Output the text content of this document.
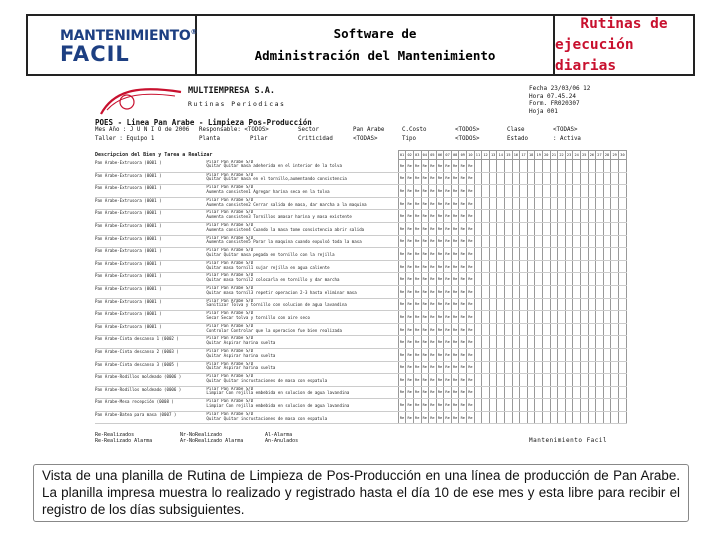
MANTENIMIENTO®
FACIL
Software de
Administración del Mantenimiento
Rutinas de
ejecución diarias
MULTIEMPRESA S.A.
Rutinas Periodicas
Fecha 23/03/06 12
Hora 07.45.24
Form. FR020307
Hoja 001
POES - Linea Pan Arabe - Limpieza Pos-Producción
Mes Año : J U N I O de 2006 Responsable: <TODOS>	Sector	Pan Arabe	C.Costo	<TODOS>	Clase	<TODAS>
Taller : Equipo 1	Planta	Pilar	Criticidad	<TODAS>	Tipo	<TODOS>	Estado	: Activa
Descripcion del Bien y Tarea a Realizar		01	02	03	04	05	06	07	08	09	10	11	12	13	14	15	16	17	18	19	20	21	22	23	24	25	26	27	28	29	30
Pan Arabe-Extrusora (0001 )	Pilar Pan Arabe S/D
Quitar Quitar masa adeherida en el interior de la tolva	Re	Re	Re	Re	Re	Re	Re	Re	Re	Re																				
Pan Arabe-Extrusora (0001 )	Pilar Pan Arabe S/D
Quitar Quitar masa en el tornillo,aumentando consistencia	Re	Re	Re	Re	Re	Re	Re	Re	Re	Re																				
Pan Arabe-Extrusora (0001 )	Pilar Pan Arabe S/D
Aumenta consisten1 Agregar harina seca en la tolva	Re	Re	Re	Re	Re	Re	Re	Re	Re	Re																				
Pan Arabe-Extrusora (0001 )	Pilar Pan Arabe S/D
Aumenta consisten2 Cerrar salida de masa, dar marcha a la maquina	Re	Re	Re	Re	Re	Re	Re	Re	Re	Re																				
Pan Arabe-Extrusora (0001 )	Pilar Pan Arabe S/D
Aumenta consisten3 Tornillos amasar harina y masa existente	Re	Re	Re	Re	Re	Re	Re	Re	Re	Re																				
Pan Arabe-Extrusora (0001 )	Pilar Pan Arabe S/D
Aumenta consisten4 Cuando la masa tome consistencia abrir salida	Re	Re	Re	Re	Re	Re	Re	Re	Re	Re																				
Pan Arabe-Extrusora (0001 )	Pilar Pan Arabe S/D
Aumenta consisten5 Parar la maquina cuando expulsó toda la masa	Re	Re	Re	Re	Re	Re	Re	Re	Re	Re																				
Pan Arabe-Extrusora (0001 )	Pilar Pan Arabe S/D
Quitar Quitar masa pegada en tornillo con la rejilla	Re	Re	Re	Re	Re	Re	Re	Re	Re	Re																				
Pan Arabe-Extrusora (0001 )	Pilar Pan Arabe S/D
Quitar masa tornil1 sujar rejilla en agua caliente	Re	Re	Re	Re	Re	Re	Re	Re	Re	Re																				
Pan Arabe-Extrusora (0001 )	Pilar Pan Arabe S/D
Quitar masa tornil2 colocarla en tornillo y dar marcha	Re	Re	Re	Re	Re	Re	Re	Re	Re	Re																				
Pan Arabe-Extrusora (0001 )	Pilar Pan Arabe S/D
Quitar masa tornil3 repetir operacion 2-3 hasta eliminar masa	Re	Re	Re	Re	Re	Re	Re	Re	Re	Re																				
Pan Arabe-Extrusora (0001 )	Pilar Pan Arabe S/D
Sanitizar Tolva y tornillo con solucion de agua lavandina	Re	Re	Re	Re	Re	Re	Re	Re	Re	Re																				
Pan Arabe-Extrusora (0001 )	Pilar Pan Arabe S/D
Secar Secar tolva y tornillo con aire seco	Re	Re	Re	Re	Re	Re	Re	Re	Re	Re																				
Pan Arabe-Extrusora (0001 )	Pilar Pan Arabe S/D
Controlar Controlar que la operacion fue bien realizada	Re	Re	Re	Re	Re	Re	Re	Re	Re	Re																				
Pan Arabe-Cinta descanso 1 (0002 )	Pilar Pan Arabe S/D
Quitar Aspirar harina suelta	Re	Re	Re	Re	Re	Re	Re	Re	Re	Re																				
Pan Arabe-Cinta descanso 2 (0003 )	Pilar Pan Arabe S/D
Quitar Aspirar harina suelta	Re	Re	Re	Re	Re	Re	Re	Re	Re	Re																				
Pan Arabe-Cinta descanso 3 (0005 )	Pilar Pan Arabe S/D
Quitar Aspirar harina suelta	Re	Re	Re	Re	Re	Re	Re	Re	Re	Re																				
Pan Arabe-Rodillos moldeado (0006 )	Pilar Pan Arabe S/D
Quitar Quitar incrustaciones de masa con espatula	Re	Re	Re	Re	Re	Re	Re	Re	Re	Re																				
Pan Arabe-Rodillos moldeado (0006 )	Pilar Pan Arabe S/D
Limpiar Con rejilla embebida en solucion de agua lavandina	Re	Re	Re	Re	Re	Re	Re	Re	Re	Re																				
Pan Arabe-Mesa recepción (0008 )	Pilar Pan Arabe S/D
Limpiar Con rejilla embebida en solucion de agua lavandina	Re	Re	Re	Re	Re	Re	Re	Re	Re	Re																				
Pan Arabe-Batea para masa (0007 )	Pilar Pan Arabe S/D
Quitar Quitar incrustaciones de masa con espatula	Re	Re	Re	Re	Re	Re	Re	Re	Re	Re																				
Re-Realizados	Nr-NoRealizado	Al-Alarma
Re-Realizado Alarma	Ar-NoRealizado Alarma	An-Anulados	Mantenimiento Facil

Vista de una planilla de Rutina de Limpieza de Pos-Producción en una línea de producción de Pan Arabe. La planilla impresa muestra lo realizado y registrado hasta el día 10 de ese mes y esta libre para recibir el registro de los días subsiguientes.
